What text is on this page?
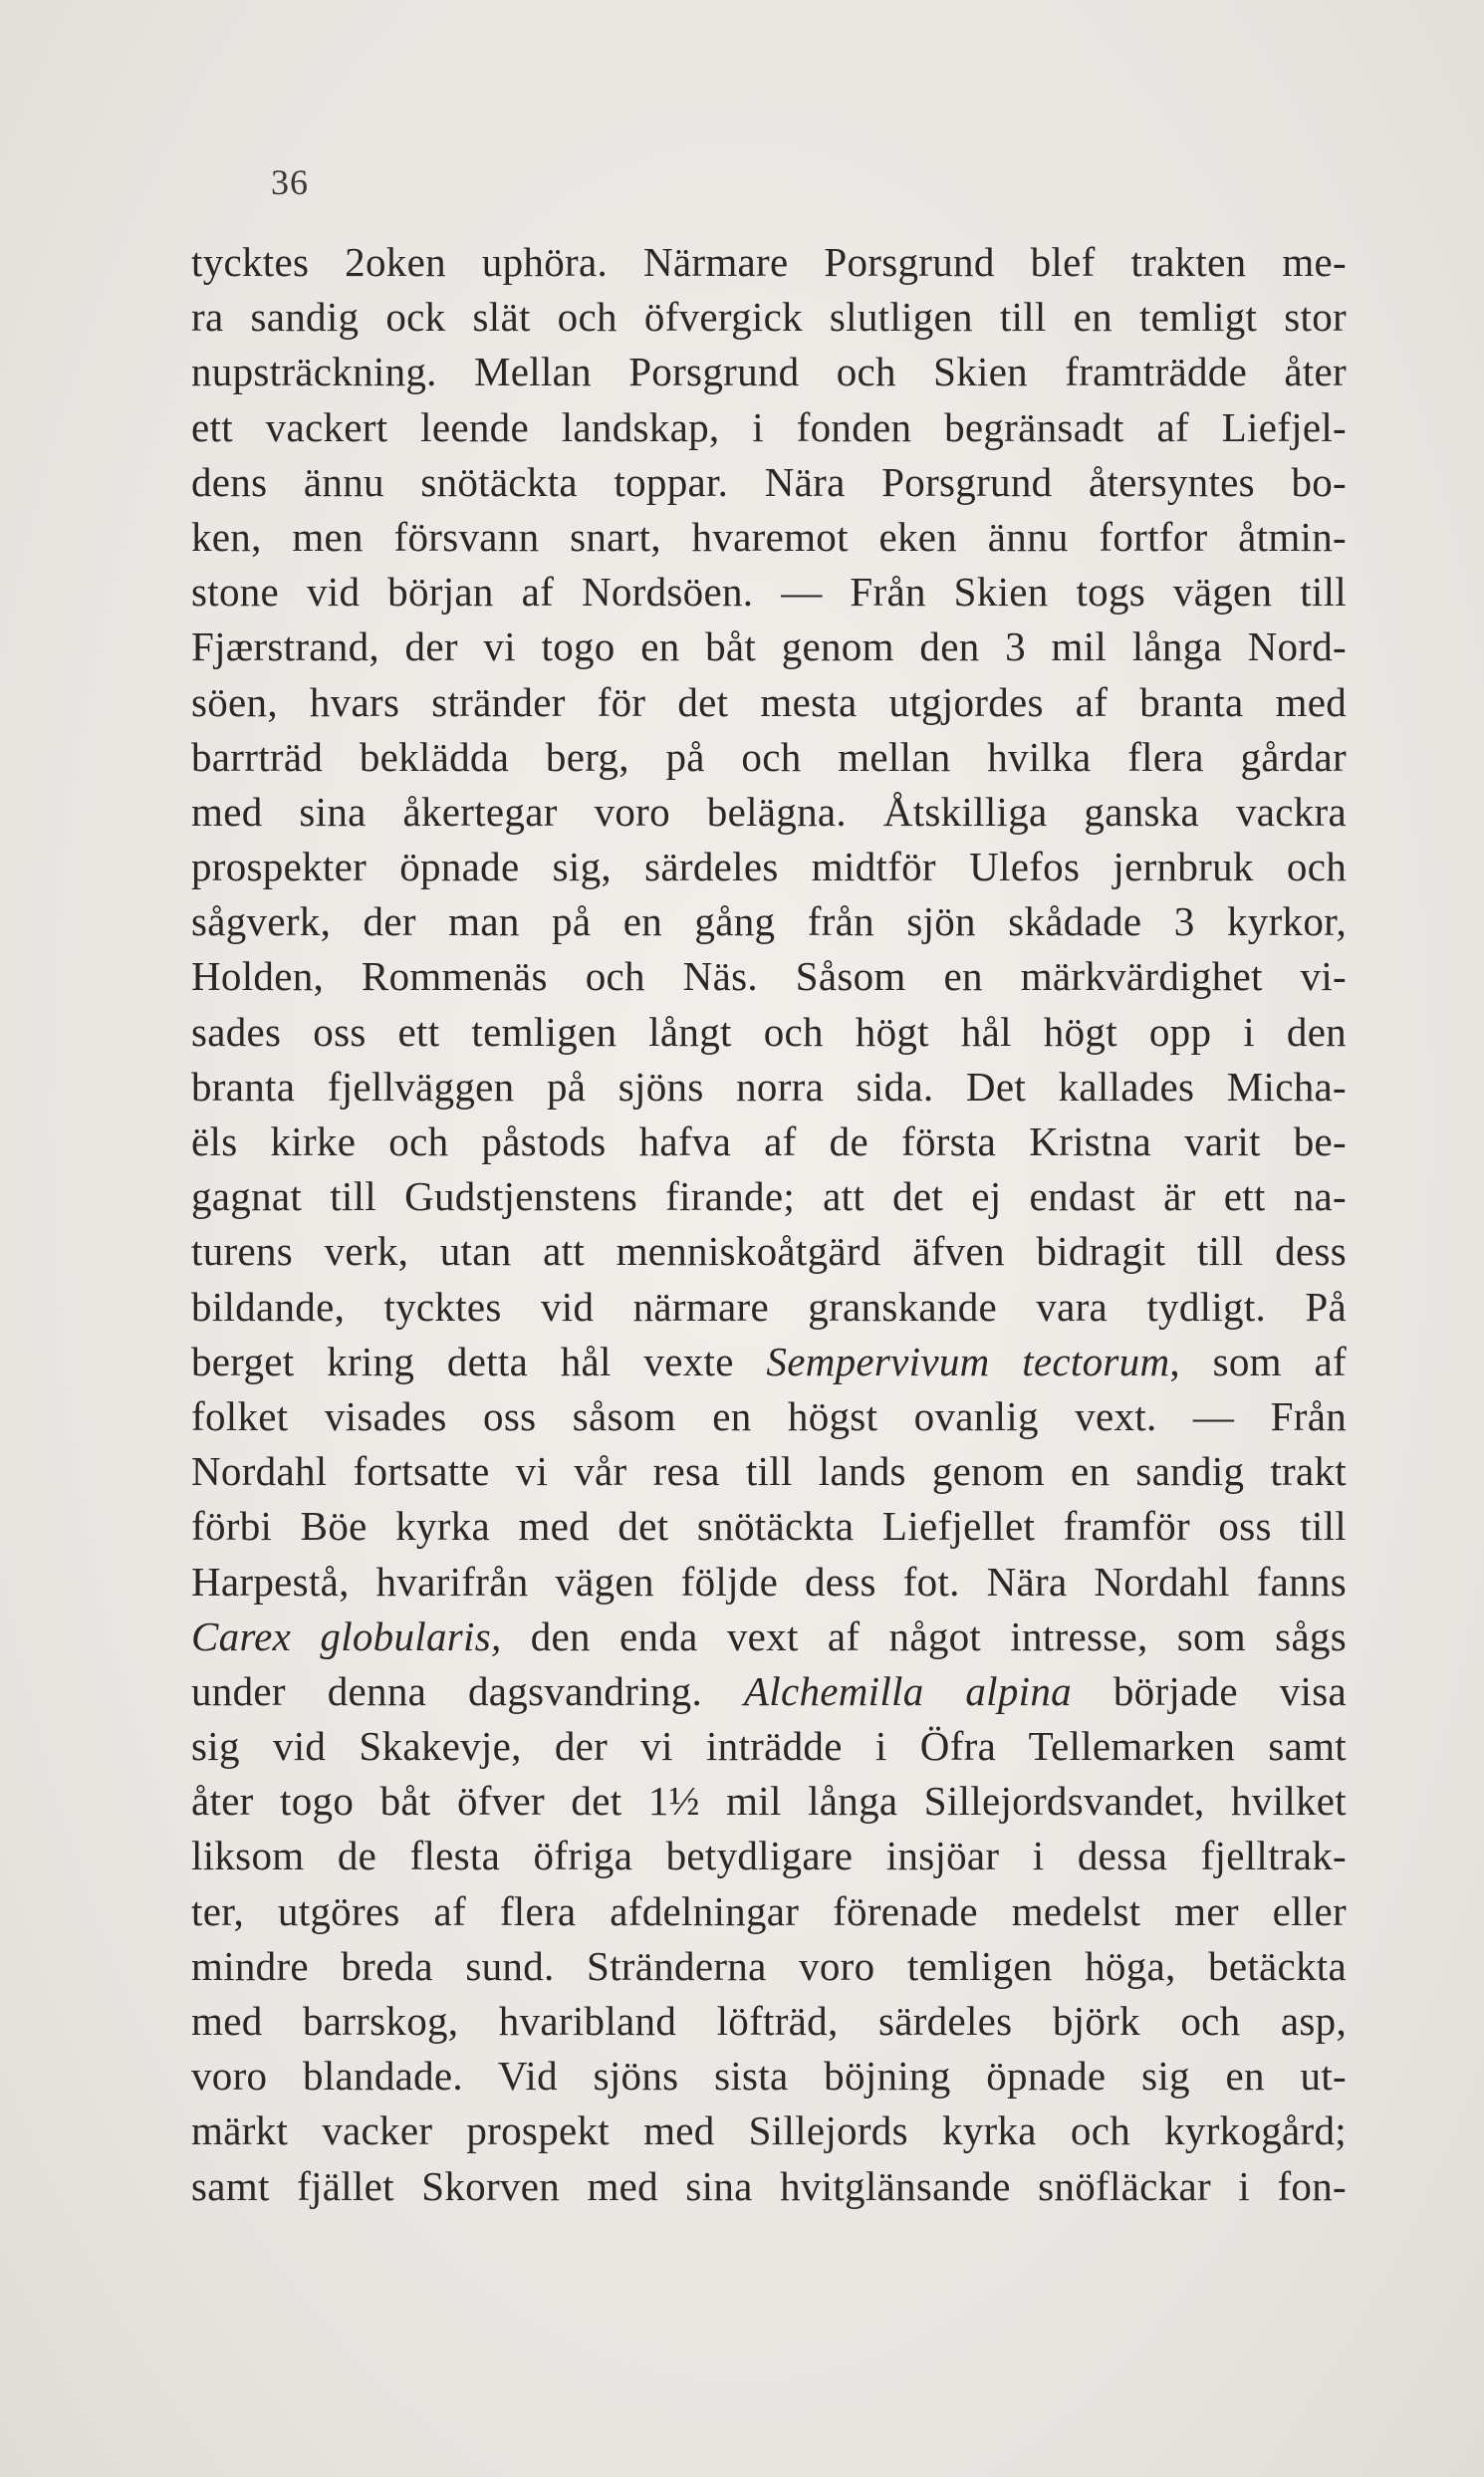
36
tycktes 2oken uphöra. Närmare Porsgrund blef trakten me-
ra sandig ock slät och öfvergick slutligen till en temligt stor
nupsträckning. Mellan Porsgrund och Skien framträdde åter
ett vackert leende landskap, i fonden begränsadt af Liefjel-
dens ännu snötäckta toppar. Nära Porsgrund återsyntes bo-
ken, men försvann snart, hvaremot eken ännu fortfor åtmin-
stone vid början af Nordsöen. — Från Skien togs vägen till
Fjærstrand, der vi togo en båt genom den 3 mil långa Nord-
söen, hvars stränder för det mesta utgjordes af branta med
barrträd beklädda berg, på och mellan hvilka flera gårdar
med sina åkertegar voro belägna. Åtskilliga ganska vackra
prospekter öpnade sig, särdeles midtför Ulefos jernbruk och
sågverk, der man på en gång från sjön skådade 3 kyrkor,
Holden, Rommenäs och Näs. Såsom en märkvärdighet vi-
sades oss ett temligen långt och högt hål högt opp i den
branta fjellväggen på sjöns norra sida. Det kallades Micha-
ëls kirke och påstods hafva af de första Kristna varit be-
gagnat till Gudstjenstens firande; att det ej endast är ett na-
turens verk, utan att menniskoåtgärd äfven bidragit till dess
bildande, tycktes vid närmare granskande vara tydligt. På
berget kring detta hål vexte Sempervivum tectorum, som af
folket visades oss såsom en högst ovanlig vext. — Från
Nordahl fortsatte vi vår resa till lands genom en sandig trakt
förbi Böe kyrka med det snötäckta Liefjellet framför oss till
Harpestå, hvarifrån vägen följde dess fot. Nära Nordahl fanns
Carex globularis, den enda vext af något intresse, som sågs
under denna dagsvandring. Alchemilla alpina började visa
sig vid Skakevje, der vi inträdde i Öfra Tellemarken samt
åter togo båt öfver det 1½ mil långa Sillejordsvandet, hvilket
liksom de flesta öfriga betydligare insjöar i dessa fjelltrak-
ter, utgöres af flera afdelningar förenade medelst mer eller
mindre breda sund. Stränderna voro temligen höga, betäckta
med barrskog, hvaribland löfträd, särdeles björk och asp,
voro blandade. Vid sjöns sista böjning öpnade sig en ut-
märkt vacker prospekt med Sillejords kyrka och kyrkogård;
samt fjället Skorven med sina hvitglänsande snöfläckar i fon-
